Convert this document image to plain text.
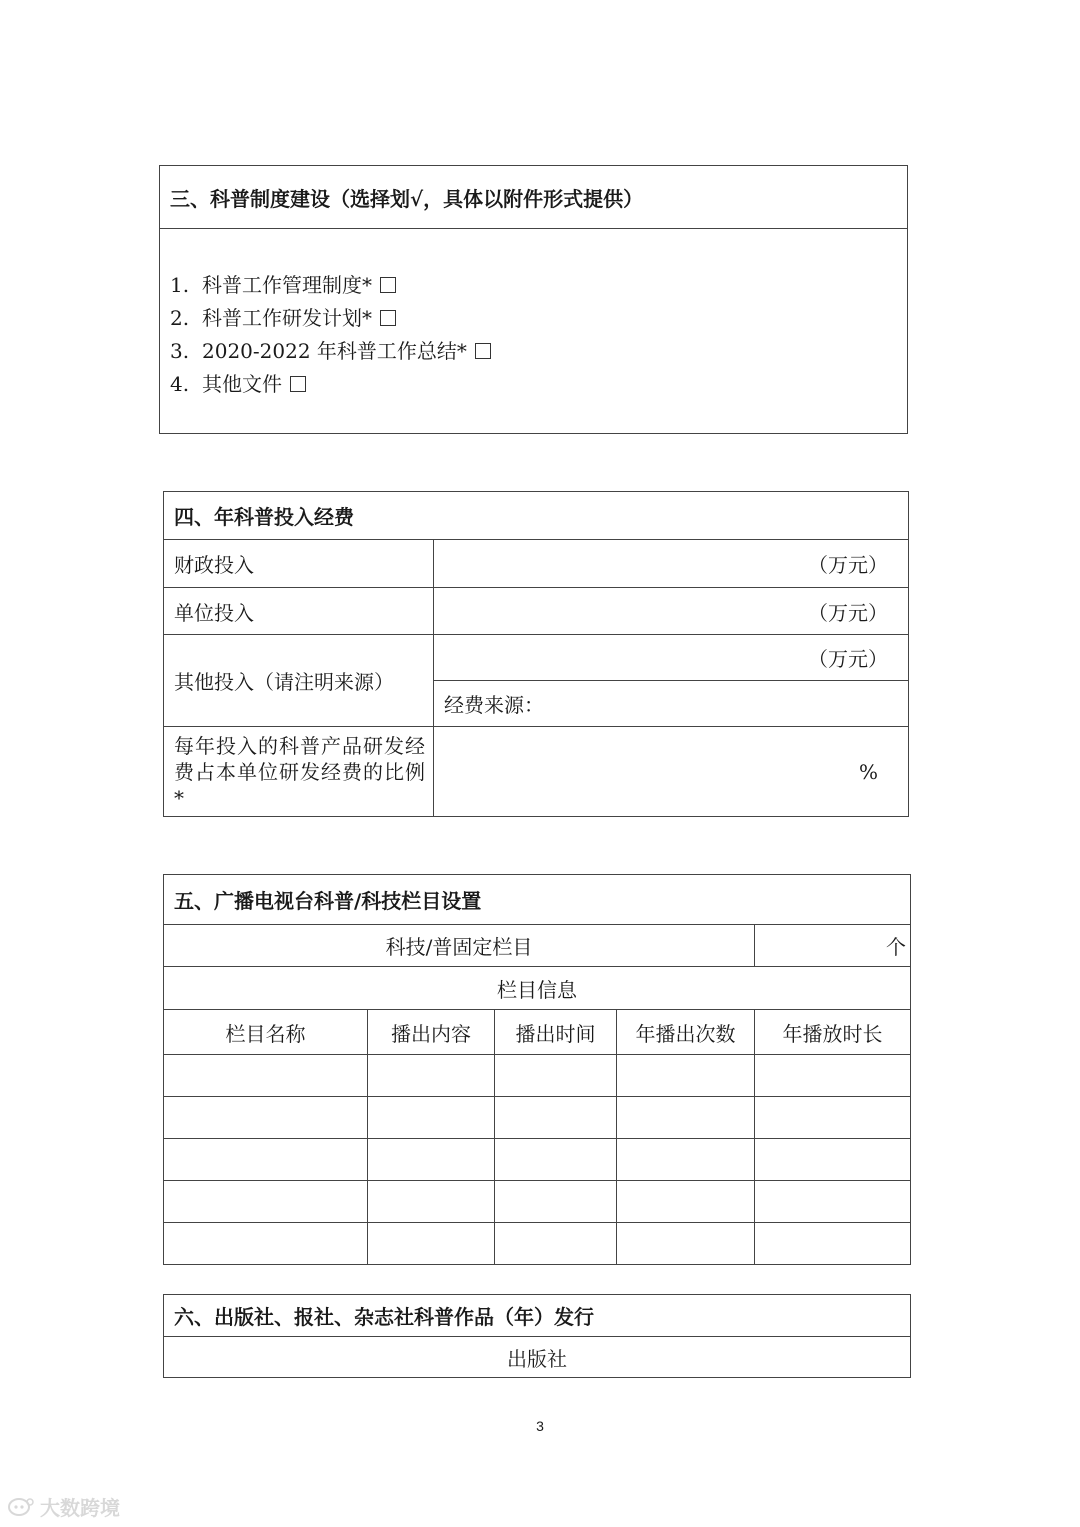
三、科普制度建设（选择划√，具体以附件形式提供）
1. 科普工作管理制度*
2. 科普工作研发计划*
3. 2020-2022 年科普工作总结*
4. 其他文件
四、年科普投入经费	
财政投入	（万元）
单位投入	（万元）
其他投入（请注明来源）	（万元）
	经费来源：
每年投入的科普产品研发经费占本单位研发经费的比例*	%
五、广播电视台科普/科技栏目设置				
科技/普固定栏目				个
栏目信息				
栏目名称	播出内容	播出时间	年播出次数	年播放时长

六、出版社、报社、杂志社科普作品（年）发行
出版社
3
大数跨境
